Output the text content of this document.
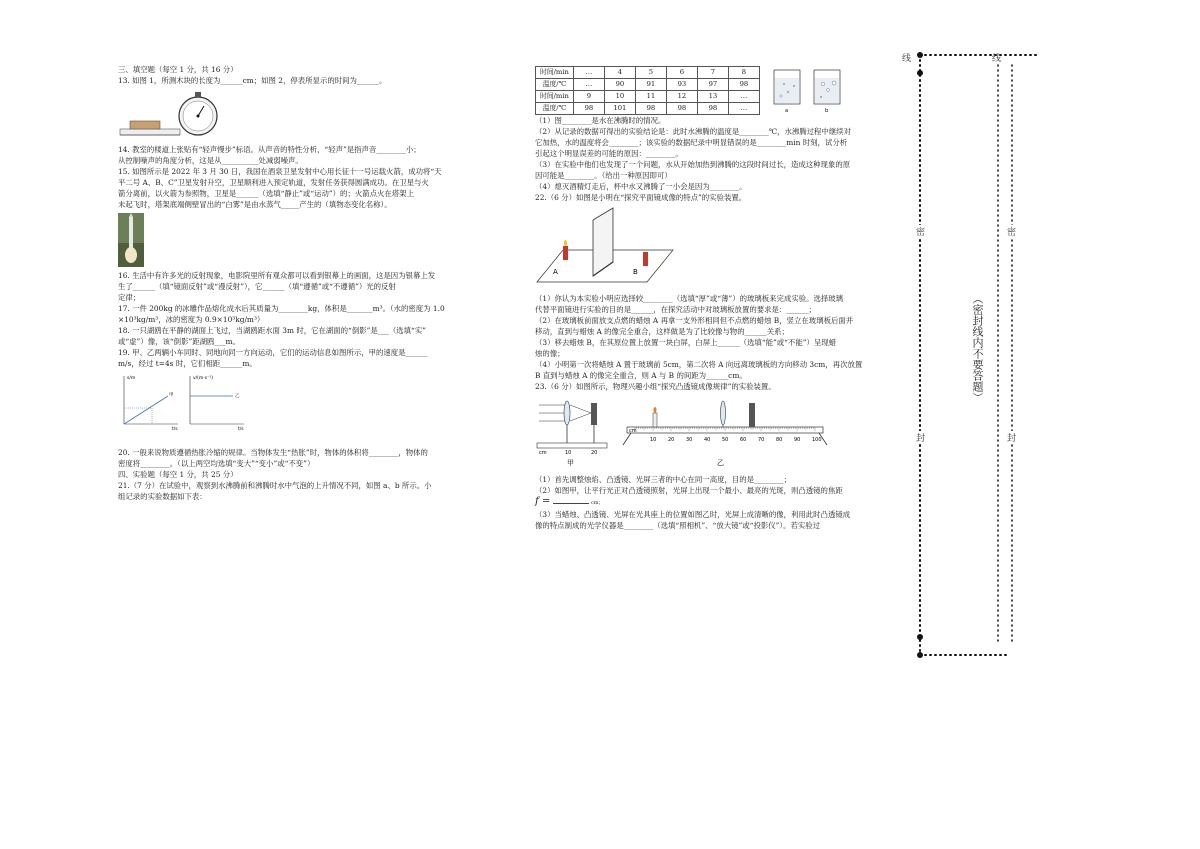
三、填空题（每空 1 分，共 16 分）
13. 如图 1，所测木块的长度为______cm；如图 2，停表所显示的时间为______。
14. 教室的楼道上张贴有“轻声慢步”标语。从声音的特性分析，“轻声”是指声音________小；
从控制噪声的角度分析，这是从__________处减弱噪声。
15. 如图所示是 2022 年 3 月 30 日，我国在酒泉卫星发射中心用长征十一号运载火箭，成功将“天
平二号 A、B、C”卫星发射升空，卫星顺利进入预定轨道，发射任务获得圆满成功。在卫星与火
箭分离前，以火箭为参照物，卫星是______（选填“静止”或“运动”）的；火箭点火在塔架上
未起飞时，塔架底端侧壁冒出的“白雾”是由水蒸气_____产生的（填物态变化名称）。
16. 生活中有许多光的反射现象，电影院里所有观众都可以看到银幕上的画面，这是因为银幕上发
生了______（填“镜面反射”或“漫反射”），它______（填“遵循”或“不遵循”）光的反射
定律；
17. 一件 200kg 的冰雕作品熔化成水后其质量为________kg，体积是_______m³。（水的密度为 1.0
×10³kg/m³，冰的密度为 0.9×10³kg/m³）
18. 一只湖鸥在平静的湖面上飞过，当湖鸥距水面 3m 时，它在湖面的“倒影”是___（选填“实”
或“虚”）像，该“倒影”距湖鸥___m。
19. 甲、乙两辆小车同时、同地向同一方向运动，它们的运动信息如图所示，甲的速度是______
m/s，经过 t=4s 时，它们相距______m。
s/m
甲
t/s
v/(m·s⁻¹)
乙
t/s
20. 一般来说物质遵循热胀冷缩的规律。当物体发生“热胀”时，物体的体积将________，物体的
密度将________。（以上两空均选填“变大”“变小”或“不变”）
四、实验题（每空 1 分，共 25 分）
21.（7 分）在试验中，观察到水沸腾前和沸腾时水中气泡的上升情况不同，如图 a、b 所示。小
组记录的实验数据如下表：
时间/min	…	4	5	6	7	8
温度/℃	…	90	91	93	97	98
时间/min	9	10	11	12	13	…
温度/℃	98	101	98	98	98	…	a	b
（1）图________是水在沸腾时的情况。
（2）从记录的数据可得出的实验结论是：此时水沸腾的温度是________℃，水沸腾过程中继续对
它加热，水的温度将会________；该实验的数据纪录中明显错误的是________min 时刻，试分析
引起这个明显误差的可能的原因：________。
（3）在实验中他们也发现了一个问题，水从开始加热到沸腾的这段时间过长，造成这种现象的原
因可能是________。（给出一种原因即可）
（4）熄灭酒精灯走后，杯中水又沸腾了一小会是因为________。
22.（6 分）如图是小明在“探究平面镜成像的特点”的实验装置。
A	B
（1）你认为本实验小明应选择较________（选填“厚”或“薄”）的玻璃板来完成实验。选择玻璃
代替平面镜进行实验的目的是______，在探究活动中对玻璃板放置的要求是：______；
（2）在玻璃板前面放支点燃的蜡烛 A 再拿一支外形相同但不点燃的蜡烛 B，竖立在玻璃板后面并
移动，直到与蜡烛 A 的像完全重合，这样做是为了比较像与物的______关系；
（3）移去蜡烛 B，在其原位置上放置一块白屏，白屏上______（选填“能”或“不能”）呈现蜡
烛的像；
（4）小明第一次将蜡烛 A 置于玻璃前 5cm，第二次将 A 向远离玻璃板的方向移动 3cm，再次放置
B 直到与蜡烛 A 的像完全重合，则 A 与 B 的间距为______cm。
23.（6 分）如图所示，物理兴趣小组“探究凸透镜成像规律”的实验装置。
cm	10	20
甲
cm
乙
10 20 30 40 50 60 70 80 90 100
（1）首先调整烛焰、凸透镜、光屏三者的中心在同一高度，目的是________；
（2）如图甲，让平行光正对凸透镜照射，光屏上出现一个最小、最亮的光斑，则凸透镜的焦距
f =	cm；
（3）当蜡烛、凸透镜、光屏在光具座上的位置如图乙时，光屏上成清晰的像，利用此时凸透镜成
像的特点制成的光学仪器是________（选填“照相机”、“放大镜”或“投影仪”）。若实验过
线	线
密	密
封	封
（密封线内不要答题）
